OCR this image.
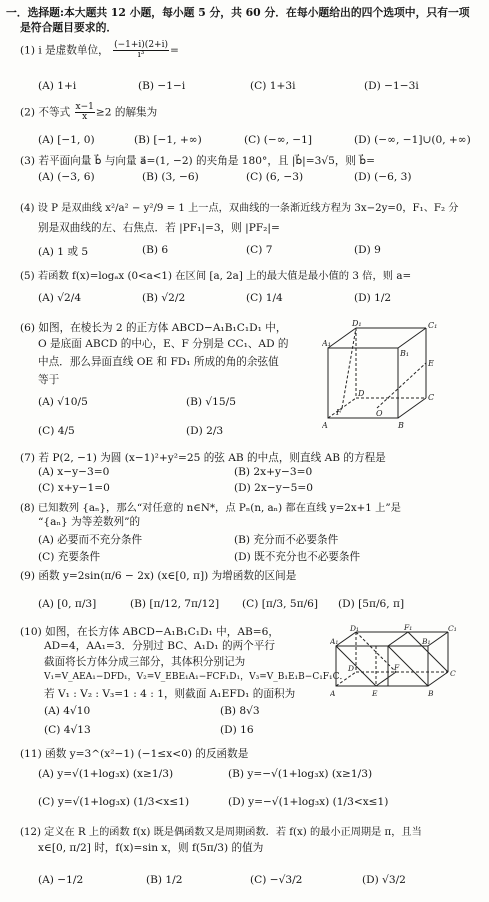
一．选择题:本大题共 12 小题，每小题 5 分，共 60 分．在每小题给出的四个选项中，只有一项
是符合题目要求的．
(1) i 是虚数单位， $\frac{(-1+i)(2+i)}{\text{i³}}$ =
(A) 1+i	(B) −1−i	(C) 1+3i	(D) −1−3i
(2) 不等式 $\frac{x-1}{x} \ge 2$ 的解集为
(A) [−1, 0)	(B) [−1, +∞)	(C) (−∞, −1]	(D) (−∞, −1]∪(0, +∞)
(3) 若平面向量 b⃗ 与向量 a⃗=(1, −2) 的夹角是 180°，且 |b⃗|=3√5，则 b⃗=
(A) (−3, 6)	(B) (3, −6)	(C) (6, −3)	(D) (−6, 3)
(4) 设 P 是双曲线 x²/a² − y²/9 = 1 上一点，双曲线的一条渐近线方程为 3x−2y=0，F₁、F₂ 分
别是双曲线的左、右焦点．若 |PF₁|=3，则 |PF₂|=
(A) 1 或 5	(B) 6	(C) 7	(D) 9
(5) 若函数 f(x)=logₐx (0<a<1) 在区间 [a, 2a] 上的最大值是最小值的 3 倍，则 a=
(A) √2/4	(B) √2/2	(C) 1/4	(D) 1/2
(6) 如图，在棱长为 2 的正方体 ABCD−A₁B₁C₁D₁ 中，
O 是底面 ABCD 的中心，E、F 分别是 CC₁、AD 的
中点．那么异面直线 OE 和 FD₁ 所成的角的余弦值
等于
(A) √10/5	(B) √15/5
(C) 4/5	(D) 2/3
D₁	C₁
A₁
B₁
E
D	C
F	O
A	B
(7) 若 P(2, −1) 为圆 (x−1)²+y²=25 的弦 AB 的中点，则直线 AB 的方程是
(A) x−y−3=0	(B) 2x+y−3=0
(C) x+y−1=0	(D) 2x−y−5=0
(8) 已知数列 {aₙ}，那么“对任意的 n∈N*，点 Pₙ(n, aₙ) 都在直线 y=2x+1 上”是
“{aₙ} 为等差数列”的
(A) 必要而不充分条件	(B) 充分而不必要条件
(C) 充要条件	(D) 既不充分也不必要条件
(9) 函数 y=2sin(π/6 − 2x) (x∈[0, π]) 为增函数的区间是
(A) [0, π/3]	(B) [π/12, 7π/12]	(C) [π/3, 5π/6]	(D) [5π/6, π]
(10) 如图，在长方体 ABCD−A₁B₁C₁D₁ 中，AB=6，
AD=4，AA₁=3．分别过 BC、A₁D₁ 的两个平行
截面将长方体分成三部分，其体积分别记为
V₁=V_AEA₁−DFD₁，V₂=V_EBE₁A₁−FCF₁D₁，V₃=V_B₁E₁B−C₁F₁C．
若 V₁ : V₂ : V₃=1 : 4 : 1，则截面 A₁EFD₁ 的面积为
(A) 4√10	(B) 8√3
(C) 4√13	(D) 16
D₁	C₁
A₁	B₁
F₁
D
C
F
A	B
E
(11) 函数 y=3^(x²−1) (−1≤x<0) 的反函数是
(A) y=√(1+log₃x) (x≥1/3)	(B) y=−√(1+log₃x) (x≥1/3)
(C) y=√(1+log₃x) (1/3<x≤1)	(D) y=−√(1+log₃x) (1/3<x≤1)
(12) 定义在 R 上的函数 f(x) 既是偶函数又是周期函数．若 f(x) 的最小正周期是 π，且当
x∈[0, π/2] 时，f(x)=sin x，则 f(5π/3) 的值为
(A) −1/2	(B) 1/2	(C) −√3/2	(D) √3/2
